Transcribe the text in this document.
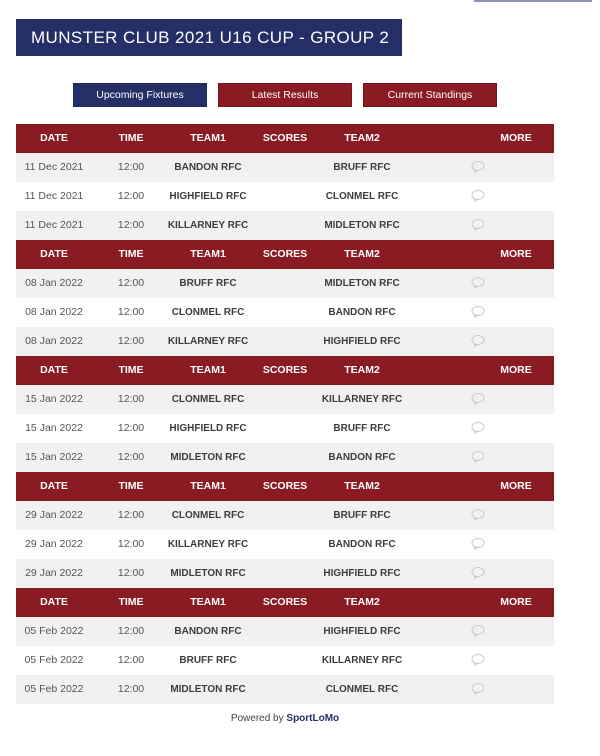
MUNSTER CLUB 2021 U16 CUP - GROUP 2
Upcoming Fixtures	Latest Results	Current Standings
DATE	TIME	TEAM1	SCORES	TEAM2	MORE
11 Dec 2021	12:00	BANDON RFC	BRUFF RFC
11 Dec 2021	12:00	HIGHFIELD RFC	CLONMEL RFC
11 Dec 2021	12:00 KILLARNEY RFC	MIDLETON RFC
DATE	TIME	TEAM1	SCORES	TEAM2	MORE
08 Jan 2022	12:00	BRUFF RFC	MIDLETON RFC
08 Jan 2022	12:00	CLONMEL RFC	BANDON RFC
08 Jan 2022	12:00 KILLARNEY RFC	HIGHFIELD RFC
DATE	TIME	TEAM1	SCORES	TEAM2	MORE
15 Jan 2022	12:00	CLONMEL RFC	KILLARNEY RFC
15 Jan 2022	12:00	HIGHFIELD RFC	BRUFF RFC
15 Jan 2022	12:00	MIDLETON RFC	BANDON RFC
DATE	TIME	TEAM1	SCORES	TEAM2	MORE
29 Jan 2022	12:00	CLONMEL RFC	BRUFF RFC
29 Jan 2022	12:00 KILLARNEY RFC	BANDON RFC
29 Jan 2022	12:00	MIDLETON RFC	HIGHFIELD RFC
DATE	TIME	TEAM1	SCORES	TEAM2	MORE
05 Feb 2022	12:00	BANDON RFC	HIGHFIELD RFC
05 Feb 2022	12:00	BRUFF RFC	KILLARNEY RFC
05 Feb 2022	12:00	MIDLETON RFC	CLONMEL RFC
Powered by SportLoMo
